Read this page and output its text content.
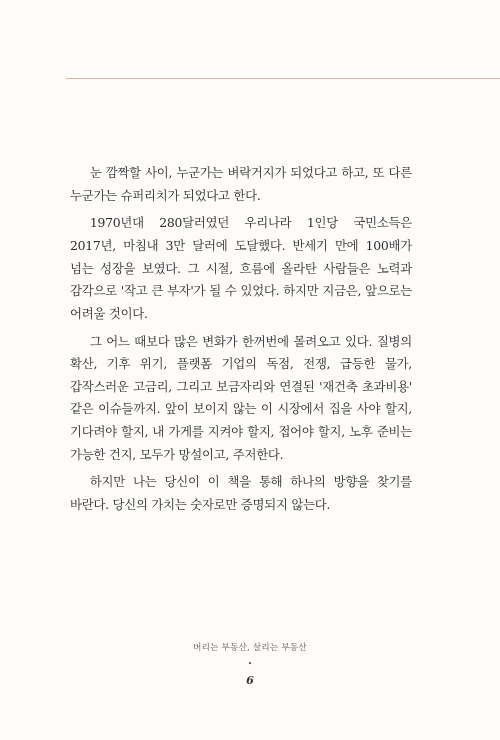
눈 깜짝할 사이, 누군가는 벼락거지가 되었다고 하고, 또 다른 누군가는 슈퍼리치가 되었다고 한다.

1970년대 280달러였던 우리나라 1인당 국민소득은 2017년, 마침내 3만 달러에 도달했다. 반세기 만에 100배가 넘는 성장을 보였다. 그 시절, 흐름에 올라탄 사람들은 노력과 감각으로 '작고 큰 부자'가 될 수 있었다. 하지만 지금은, 앞으로는 어려울 것이다.

그 어느 때보다 많은 변화가 한꺼번에 몰려오고 있다. 질병의 확산, 기후 위기, 플랫폼 기업의 독점, 전쟁, 급등한 물가, 갑작스러운 고금리, 그리고 보금자리와 연결된 '재건축 초과비용' 같은 이슈들까지. 앞이 보이지 않는 이 시장에서 집을 사야 할지, 기다려야 할지, 내 가게를 지켜야 할지, 접어야 할지, 노후 준비는 가능한 건지, 모두가 망설이고, 주저한다.

하지만 나는 당신이 이 책을 통해 하나의 방향을 찾기를 바란다. 당신의 가치는 숫자로만 증명되지 않는다.

버리는 부동산, 살리는 부동산
•
6
